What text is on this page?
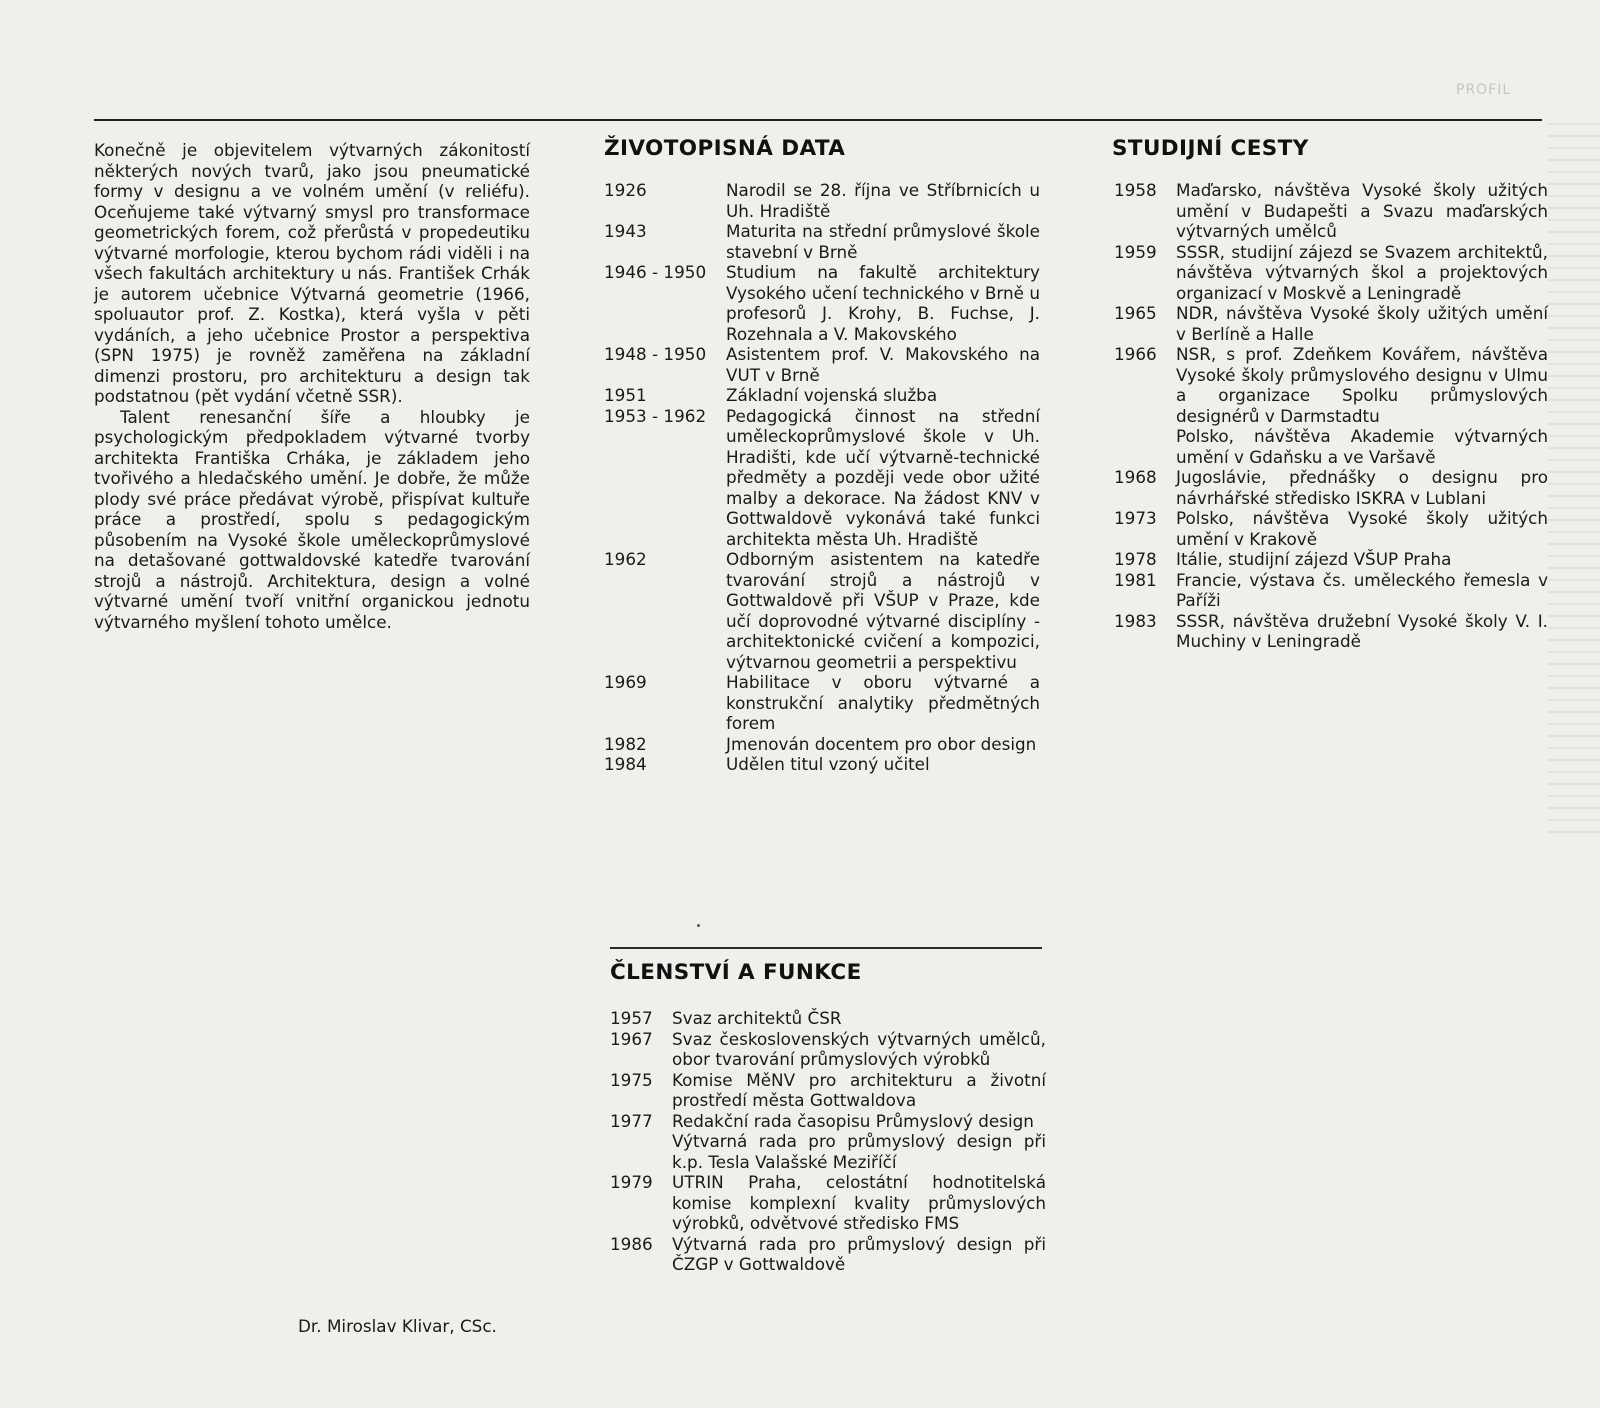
PROFIL

Konečně je objevitelem výtvarných zákonitostí některých nových tvarů, jako jsou pneumatické formy v designu a ve volném umění (v reliéfu). Oceňujeme také výtvarný smysl pro transformace geometrických forem, což přerůstá v propedeutiku výtvarné morfologie, kterou bychom rádi viděli i na všech fakultách architektury u nás. František Crhák je autorem učebnice Výtvarná geometrie (1966, spoluautor prof. Z. Kostka), která vyšla v pěti vydáních, a jeho učebnice Prostor a perspektiva (SPN 1975) je rovněž zaměřena na základní dimenzi prostoru, pro architekturu a design tak podstatnou (pět vydání včetně SSR).

Talent renesanční šíře a hloubky je psychologickým předpokladem výtvarné tvorby architekta Františka Crháka, je základem jeho tvořivého a hledačského umění. Je dobře, že může plody své práce předávat výrobě, přispívat kultuře práce a prostředí, spolu s pedagogickým působením na Vysoké škole uměleckoprůmyslové na detašované gottwaldovské katedře tvarování strojů a nástrojů. Architektura, design a volné výtvarné umění tvoří vnitřní organickou jednotu výtvarného myšlení tohoto umělce.

Dr. Miroslav Klivar, CSc.
ŽIVOTOPISNÁ DATA
1926	Narodil se 28. října ve Stříbrnicích u Uh. Hradiště
1943	Maturita na střední průmyslové škole stavební v Brně
1946 - 1950	Studium na fakultě architektury Vysokého učení technického v Brně u profesorů J. Krohy, B. Fuchse, J. Rozehnala a V. Makovského
1948 - 1950	Asistentem prof. V. Makovského na VUT v Brně
1951	Základní vojenská služba
1953 - 1962	Pedagogická činnost na střední uměleckoprůmyslové škole v Uh. Hradišti, kde učí výtvarně-technické předměty a později vede obor užité malby a dekorace. Na žádost KNV v Gottwaldově vykonává také funkci architekta města Uh. Hradiště
1962	Odborným asistentem na katedře tvarování strojů a nástrojů v Gottwaldově při VŠUP v Praze, kde učí doprovodné výtvarné disciplíny - architektonické cvičení a kompozici, výtvarnou geometrii a perspektivu
1969	Habilitace v oboru výtvarné a konstrukční analytiky předmětných forem
1982	Jmenován docentem pro obor design
1984	Udělen titul vzoný učitel
ČLENSTVÍ A FUNKCE
1957	Svaz architektů ČSR
1967	Svaz československých výtvarných umělců, obor tvarování průmyslových výrobků
1975	Komise MěNV pro architekturu a životní prostředí města Gottwaldova
1977	Redakční rada časopisu Průmyslový design
Výtvarná rada pro průmyslový design při k.p. Tesla Valašské Meziříčí
1979	UTRIN Praha, celostátní hodnotitelská komise komplexní kvality průmyslových výrobků, odvětvové středisko FMS
1986	Výtvarná rada pro průmyslový design při ČZGP v Gottwaldově
STUDIJNÍ CESTY
1958	Maďarsko, návštěva Vysoké školy užitých umění v Budapešti a Svazu maďarských výtvarných umělců
1959	SSSR, studijní zájezd se Svazem architektů, návštěva výtvarných škol a projektových organizací v Moskvě a Leningradě
1965	NDR, návštěva Vysoké školy užitých umění v Berlíně a Halle
1966	NSR, s prof. Zdeňkem Kovářem, návštěva Vysoké školy průmyslového designu v Ulmu a organizace Spolku průmyslových designérů v Darmstadtu
Polsko, návštěva Akademie výtvarných umění v Gdaňsku a ve Varšavě
1968	Jugoslávie, přednášky o designu pro návrhářské středisko ISKRA v Lublani
1973	Polsko, návštěva Vysoké školy užitých umění v Krakově
1978	Itálie, studijní zájezd VŠUP Praha
1981	Francie, výstava čs. uměleckého řemesla v Paříži
1983	SSSR, návštěva družební Vysoké školy V. I. Muchiny v Leningradě
